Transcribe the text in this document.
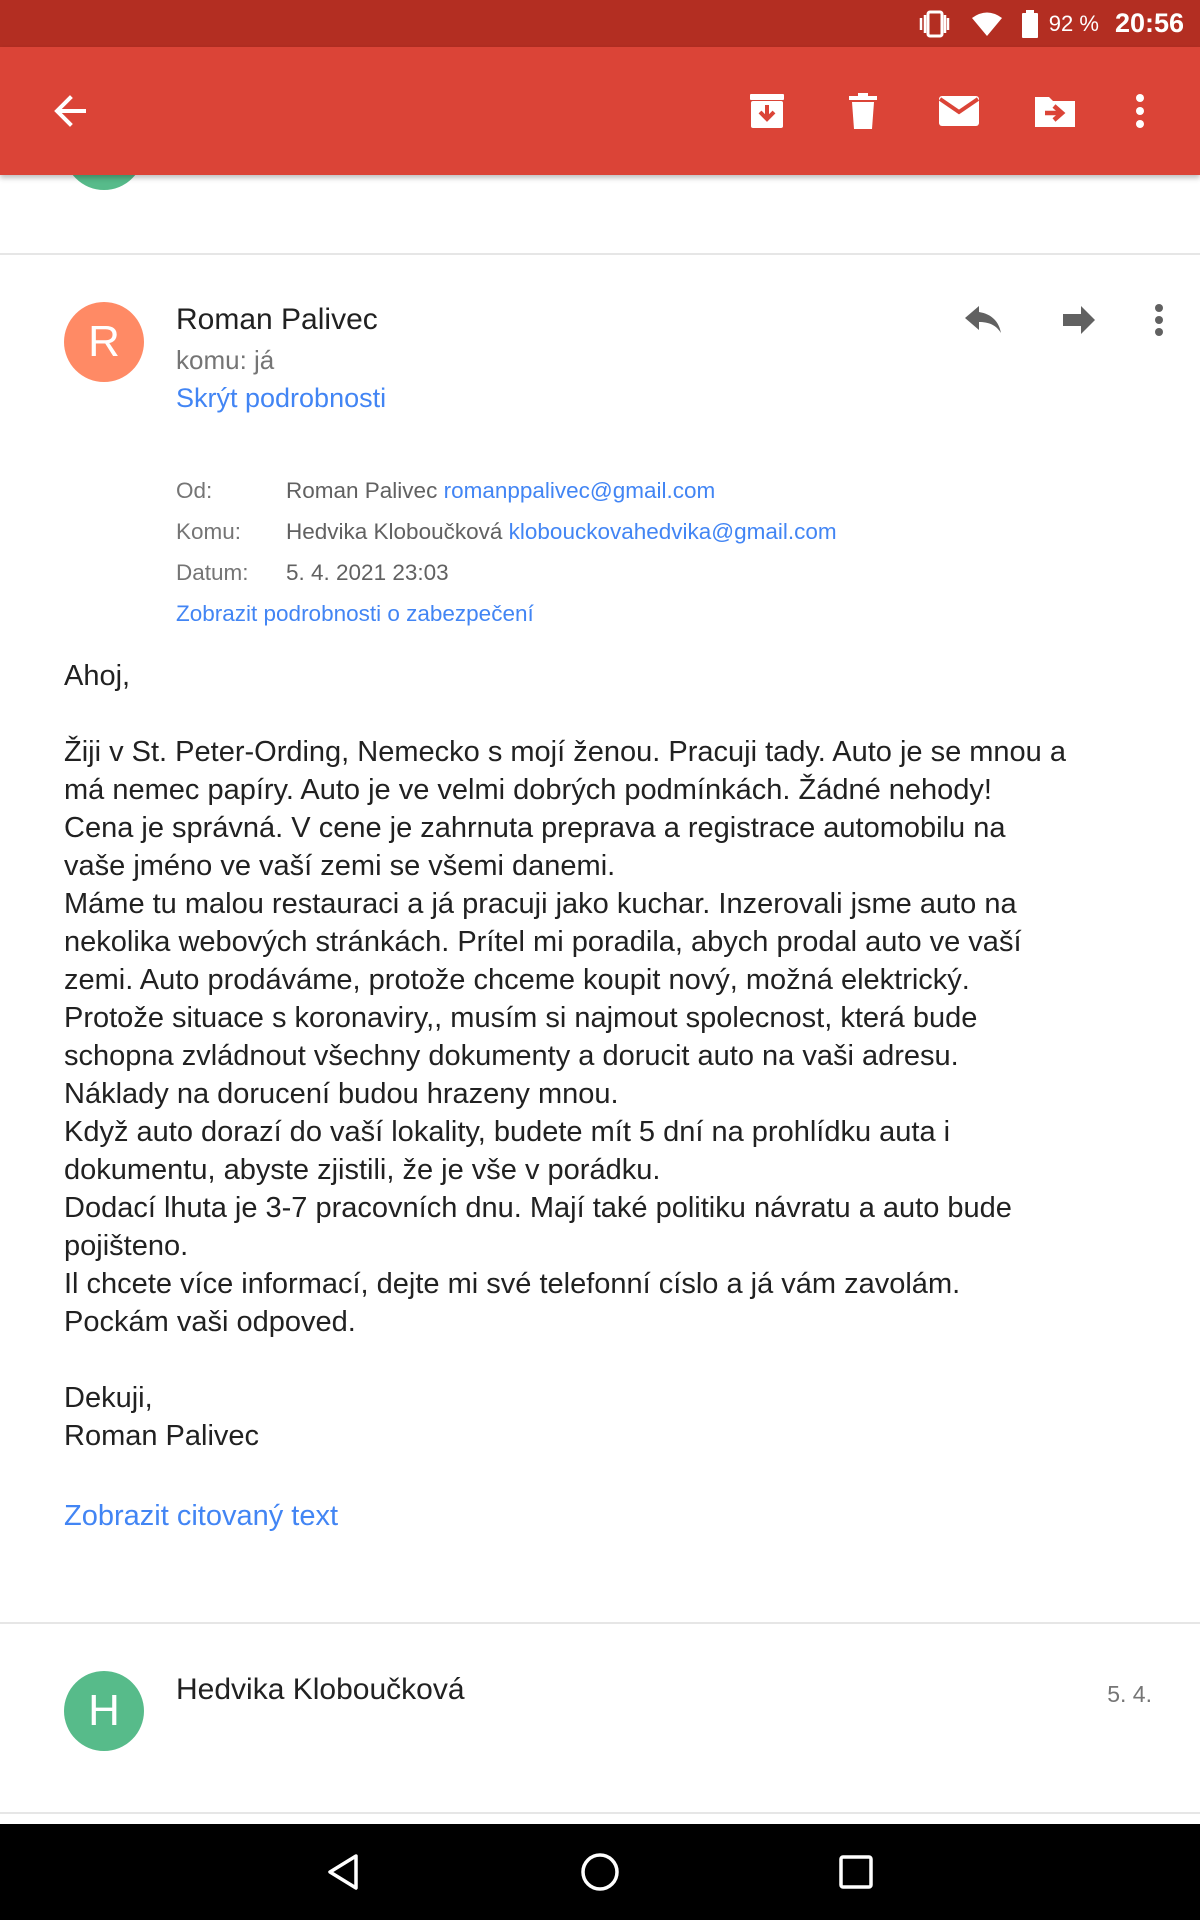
92 % 20:56
R Roman Palivec
komu: já
Skrýt podrobnosti
Od:	Roman Palivec
romanppalivec@gmail.com
Komu:	Hedvika Kloboučková
klobouckovahedvika@gmail.com
Datum:	5. 4. 2021 23:03
Zobrazit podrobnosti o zabezpečení

Ahoj,

Žiji v St. Peter-Ording, Nemecko s mojí ženou. Pracuji tady. Auto je se mnou a

má nemec papíry. Auto je ve velmi dobrých podmínkách. Žádné nehody!

Cena je správná. V cene je zahrnuta preprava a registrace automobilu na

vaše jméno ve vaší zemi se všemi danemi.

Máme tu malou restauraci a já pracuji jako kuchar. Inzerovali jsme auto na

nekolika webových stránkách. Prítel mi poradila, abych prodal auto ve vaší

zemi. Auto prodáváme, protože chceme koupit nový, možná elektrický.

Protože situace s koronaviry,, musím si najmout spolecnost, která bude

schopna zvládnout všechny dokumenty a dorucit auto na vaši adresu.

Náklady na dorucení budou hrazeny mnou.

Když auto dorazí do vaší lokality, budete mít 5 dní na prohlídku auta i

dokumentu, abyste zjistili, že je vše v porádku.

Dodací lhuta je 3-7 pracovních dnu. Mají také politiku návratu a auto bude

pojišteno.

Il chcete více informací, dejte mi své telefonní císlo a já vám zavolám.

Pockám vaši odpoved.

Dekuji,

Roman Palivec

Zobrazit citovaný text
H Hedvika Kloboučková	5. 4.
